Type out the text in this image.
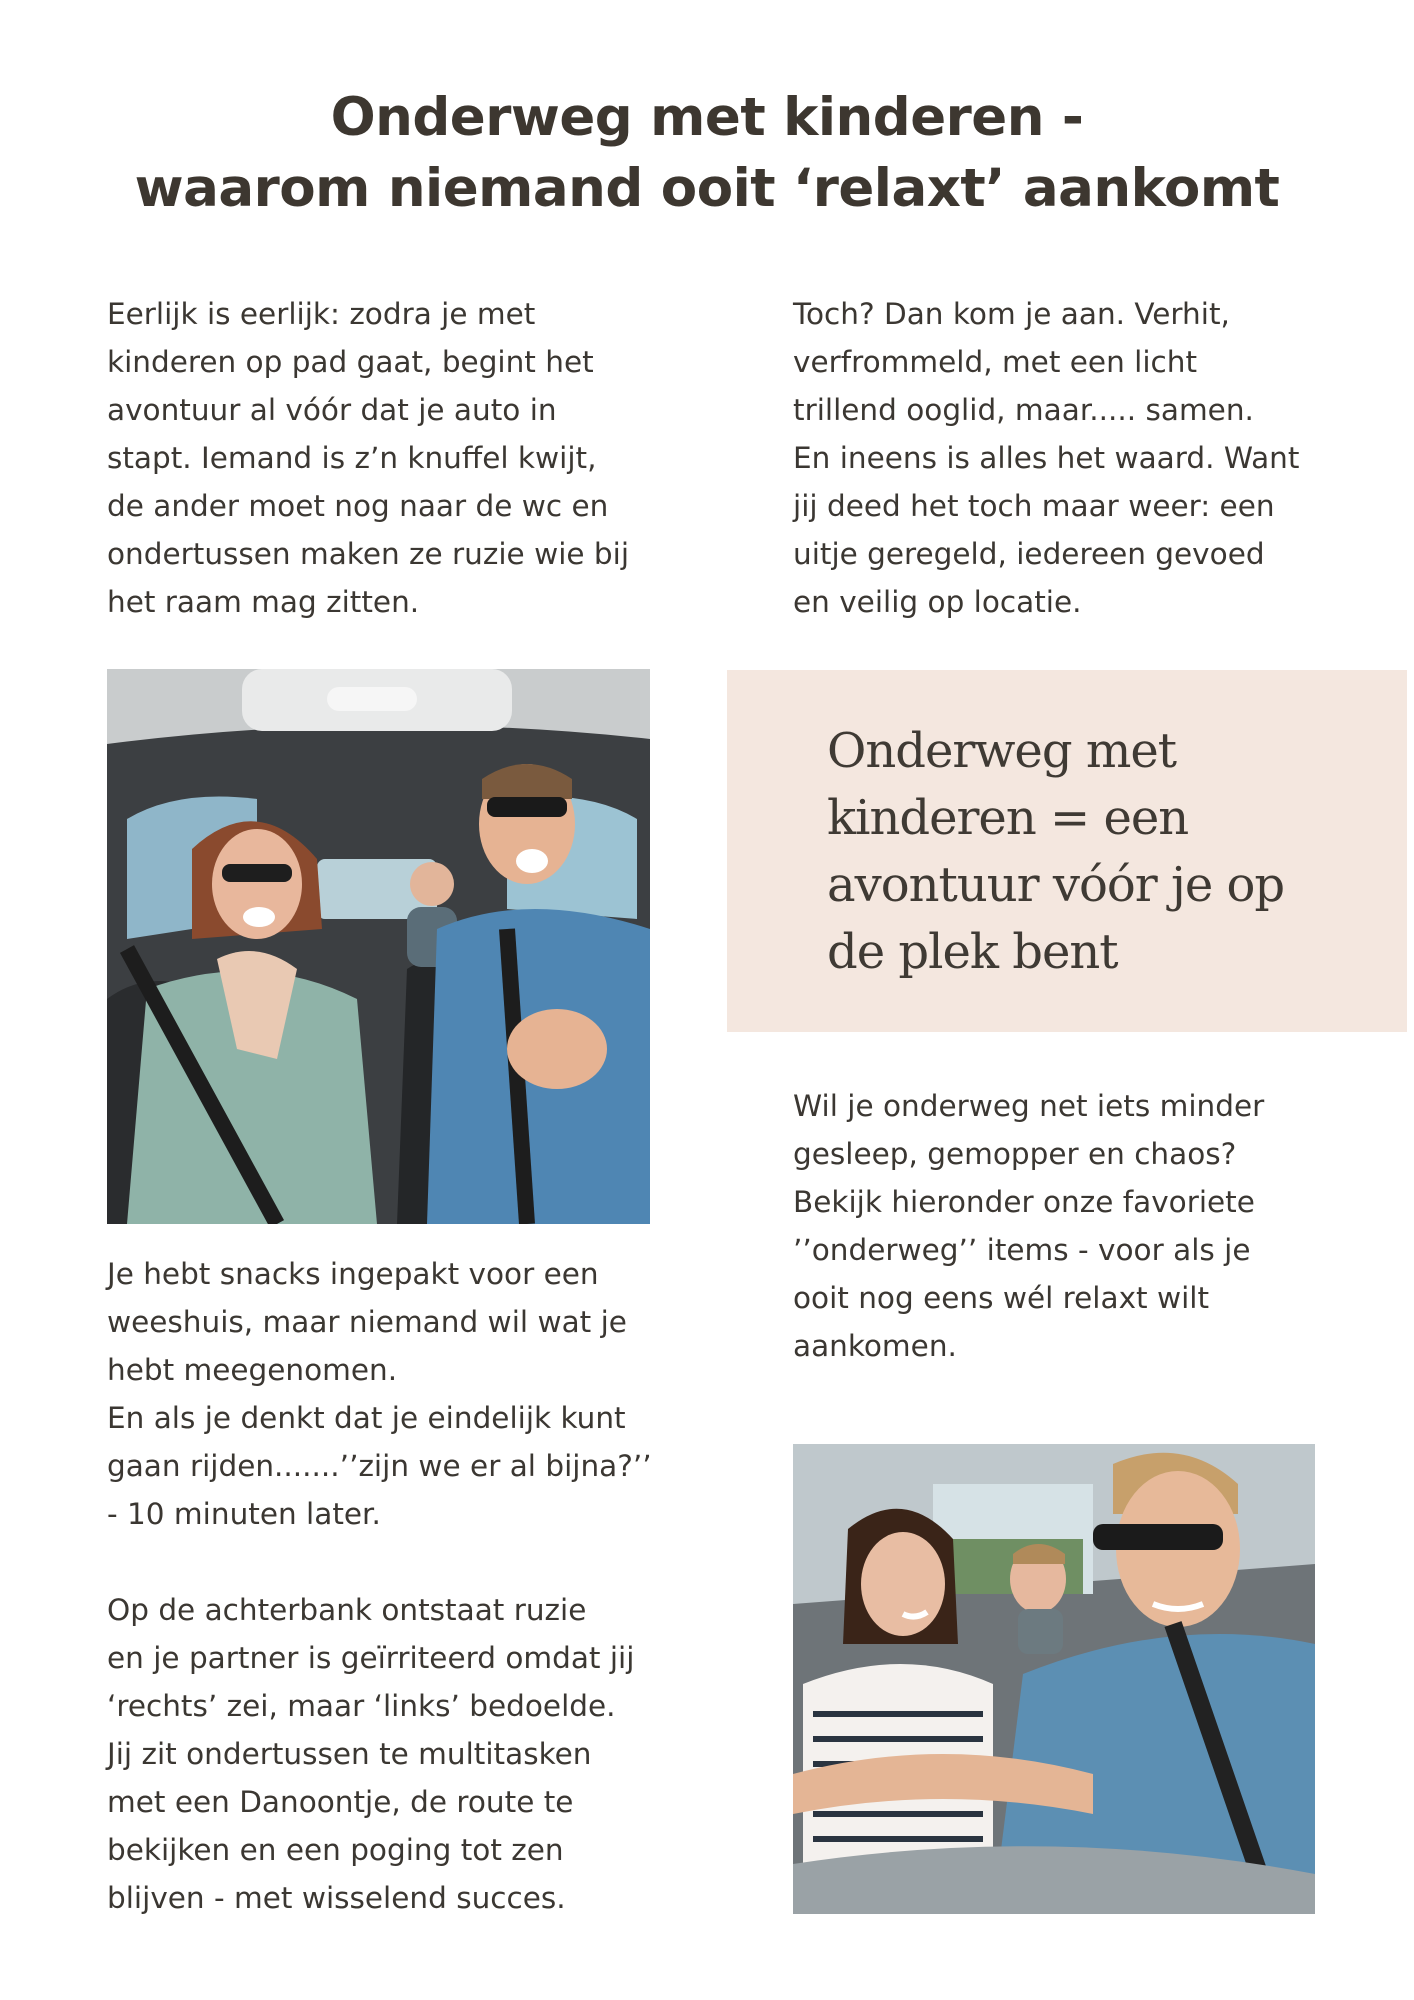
Onderweg met kinderen -
waarom niemand ooit ‘relaxt’ aankomt
Eerlijk is eerlijk: zodra je met
kinderen op pad gaat, begint het
avontuur al vóór dat je auto in
stapt. Iemand is z’n knuffel kwijt,
de ander moet nog naar de wc en
ondertussen maken ze ruzie wie bij
het raam mag zitten.
Toch? Dan kom je aan. Verhit,
verfrommeld, met een licht
trillend ooglid, maar..... samen.
En ineens is alles het waard. Want
jij deed het toch maar weer: een
uitje geregeld, iedereen gevoed
en veilig op locatie.
Onderweg met
kinderen = een
avontuur vóór je op
de plek bent
Wil je onderweg net iets minder
gesleep, gemopper en chaos?
Bekijk hieronder onze favoriete
’’onderweg’’ items - voor als je
ooit nog eens wél relaxt wilt
aankomen.
Je hebt snacks ingepakt voor een
weeshuis, maar niemand wil wat je
hebt meegenomen.
En als je denkt dat je eindelijk kunt
gaan rijden.......’’zijn we er al bijna?’’
- 10 minuten later.
Op de achterbank ontstaat ruzie
en je partner is geïrriteerd omdat jij
‘rechts’ zei, maar ‘links’ bedoelde.
Jij zit ondertussen te multitasken
met een Danoontje, de route te
bekijken en een poging tot zen
blijven - met wisselend succes.
